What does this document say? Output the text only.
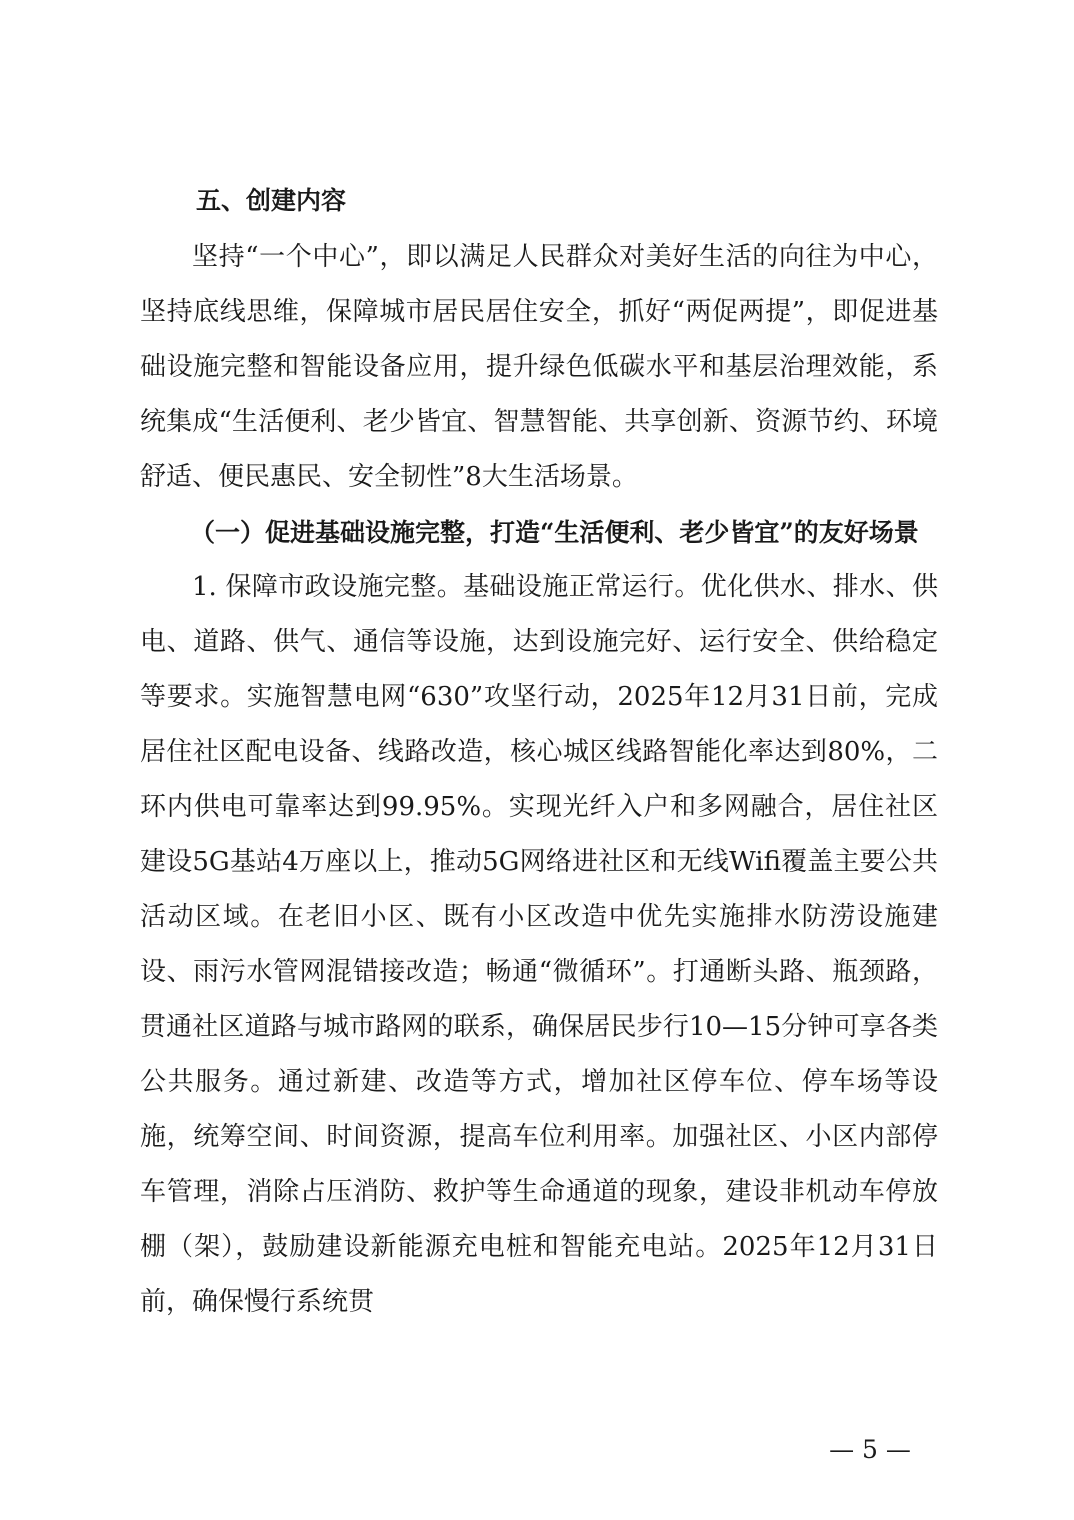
五、创建内容

坚持“一个中心”，即以满足人民群众对美好生活的向往为中心，坚持底线思维，保障城市居民居住安全，抓好“两促两提”，即促进基础设施完整和智能设备应用，提升绿色低碳水平和基层治理效能，系统集成“生活便利、老少皆宜、智慧智能、共享创新、资源节约、环境舒适、便民惠民、安全韧性”8大生活场景。

（一）促进基础设施完整，打造“生活便利、老少皆宜”的友好场景

1. 保障市政设施完整。基础设施正常运行。优化供水、排水、供电、道路、供气、通信等设施，达到设施完好、运行安全、供给稳定等要求。实施智慧电网“630”攻坚行动，2025年12月31日前，完成居住社区配电设备、线路改造，核心城区线路智能化率达到80%，二环内供电可靠率达到99.95%。实现光纤入户和多网融合，居住社区建设5G基站4万座以上，推动5G网络进社区和无线Wifi覆盖主要公共活动区域。在老旧小区、既有小区改造中优先实施排水防涝设施建设、雨污水管网混错接改造；畅通“微循环”。打通断头路、瓶颈路，贯通社区道路与城市路网的联系，确保居民步行10—15分钟可享各类公共服务。通过新建、改造等方式，增加社区停车位、停车场等设施，统筹空间、时间资源，提高车位利用率。加强社区、小区内部停车管理，消除占压消防、救护等生命通道的现象，建设非机动车停放棚（架），鼓励建设新能源充电桩和智能充电站。2025年12月31日前，确保慢行系统贯

— 5 —
